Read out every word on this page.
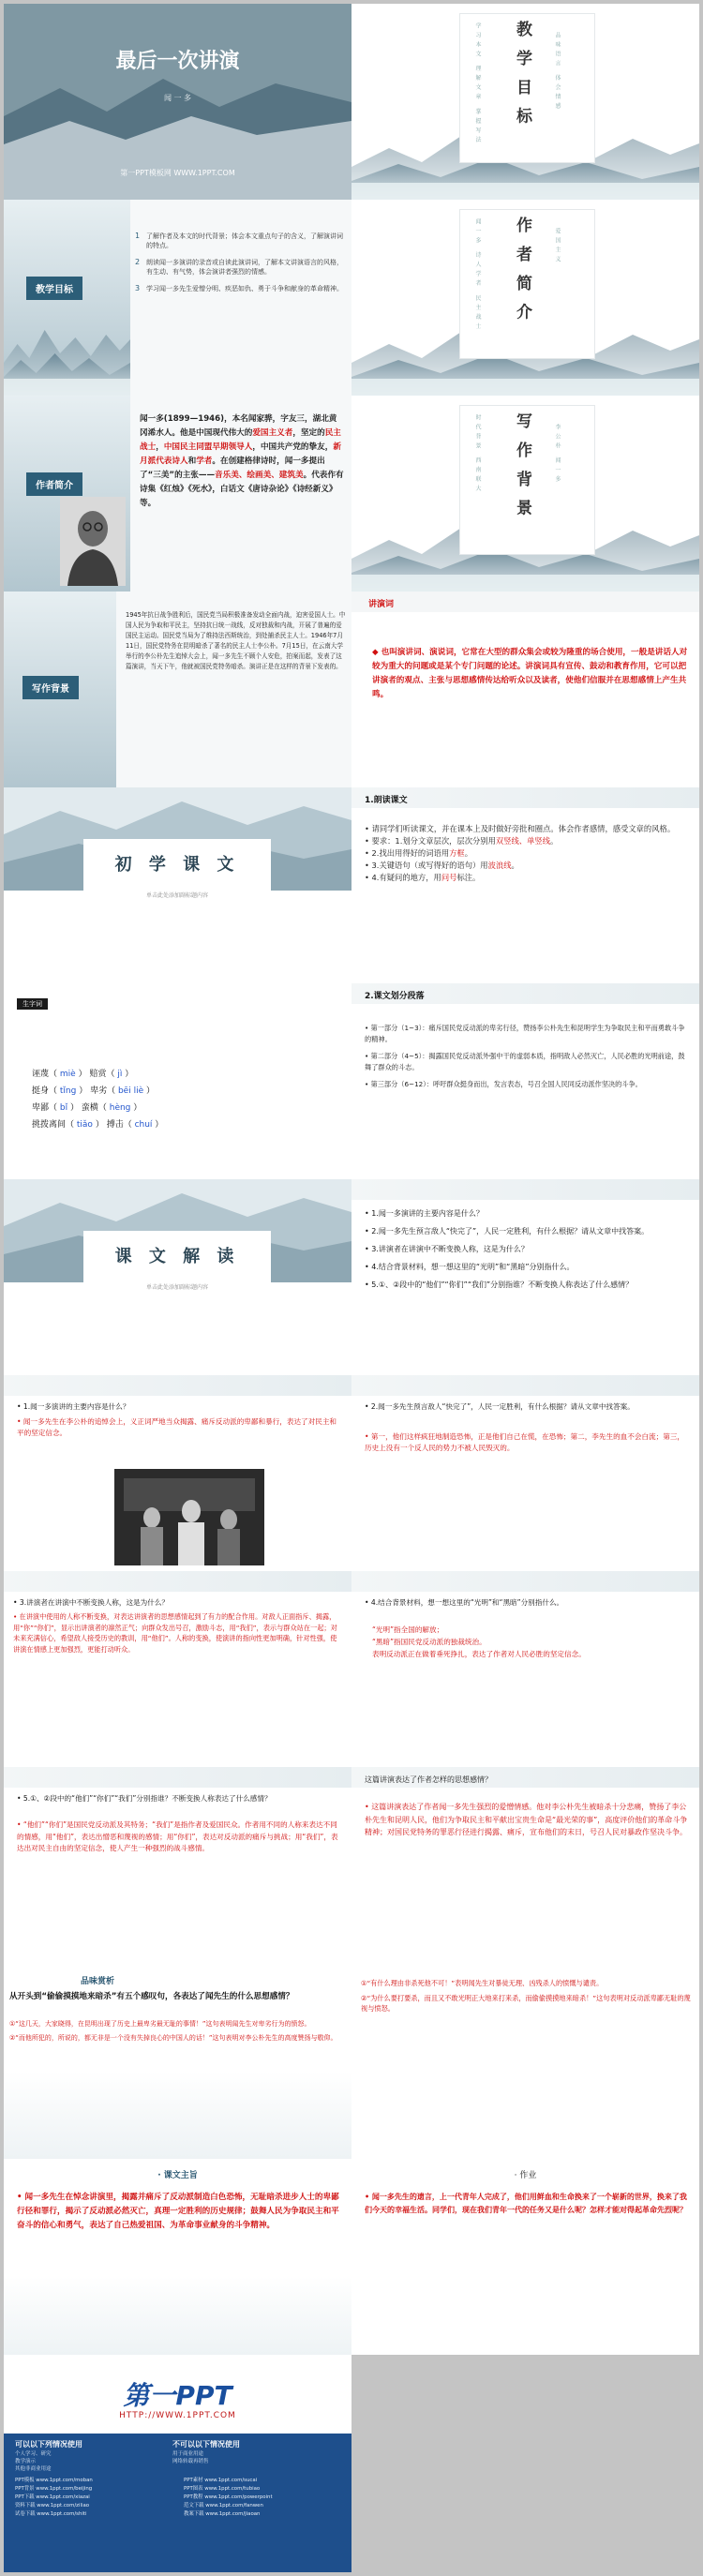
最后一次讲演
闻 一 多
第一PPT模板网 WWW.1PPT.COM
学习本文 理解文章 掌握写法
教 学 目 标	品味语言 体会情感
教学目标
1 了解作者及本文的时代背景；体会本文重点句子的含义，了解演讲词的特点。
2 朗读闻一多演讲的录音或自读此演讲词，了解本文讲演语言的风格，有生动、有气势，体会演讲者强烈的情感。
3 学习闻一多先生爱憎分明、疾恶如仇、勇于斗争和献身的革命精神。
闻一多 诗人学者 民主战士 作 者 简 介	爱国主义
作者简介
闻一多(1899—1946)，本名闻家骅，字友三，湖北黄冈浠水人。他是中国现代伟大的爱国主义者，坚定的民主战士，中国民主同盟早期领导人，中国共产党的挚友，新月派代表诗人和学者。在创建格律诗时，闻一多提出了“三美”的主张——音乐美、绘画美、建筑美。代表作有诗集《红烛》《死水》，白话文《唐诗杂论》《诗经新义》等。
时代背景 西南联大 写 作 背 景	李公朴 闻一多
写作背景
1945年抗日战争胜利后，国民党当局积极准备发动全面内战，迫害爱国人士。中国人民为争取和平民主，坚持抗日统一战线，反对独裁和内战，开展了普遍的爱国民主运动。国民党当局为了维持法西斯统治，到处捕杀民主人士。1946年7月11日，国民党特务在昆明暗杀了著名的民主人士李公朴。7月15日，在云南大学举行的李公朴先生追悼大会上，闻一多先生不顾个人安危，拍案而起，发表了这篇演讲，当天下午，他就被国民党特务暗杀。演讲正是在这样的背景下发表的。
讲演词
◆ 也叫演讲词、演说词，它常在大型的群众集会或较为隆重的场合使用，一般是讲话人对较为重大的问题或是某个专门问题的论述。讲演词具有宣传、鼓动和教育作用，它可以把讲演者的观点、主张与思想感情传达给听众以及读者，使他们信服并在思想感情上产生共鸣。
初 学 课 文
单击此处添加副标题内容
1.朗读课文
• 请同学们听读课文，并在课本上及时做好旁批和圈点。体会作者感情，感受文章的风格。
• 要求：1.划分文章层次，层次分别用双竖线、单竖线。
• 2.找出用得好的词语用方框。
• 3.关键语句（或写得好的语句）用波浪线。
• 4.有疑问的地方，用问号标注。
生字词
诬蔑（ miè ） 赔赏（ jì ）
挺身（ tǐng ） 卑劣（ bēi liè ）
卑鄙（ bǐ ） 蛮横（ hèng ）
挑拨离间（ tiǎo ） 搏击（ chuí ）
2.课文划分段落
• 第一部分（1~3）：痛斥国民党反动派的卑劣行径，赞扬李公朴先生和昆明学生为争取民主和平而勇敢斗争的精神。
• 第二部分（4~5）：揭露国民党反动派外强中干的虚弱本质，指明敌人必然灭亡，人民必胜的光明前途，鼓舞了群众的斗志。
• 第三部分（6~12）：呼吁群众挺身而出，发言表态，号召全国人民同反动派作坚决的斗争。
课 文 解 读
单击此处添加副标题内容
• 1.闻一多演讲的主要内容是什么？
• 2.闻一多先生预言敌人“快完了”，人民一定胜利，有什么根据？请从文章中找答案。
• 3.讲演者在讲演中不断变换人称，这是为什么？
• 4.结合背景材料，想一想这里的“光明”和“黑暗”分别指什么。
• 5.①、②段中的“他们”“你们”“我们”分别指谁？不断变换人称表达了什么感情？
• 1.闻一多演讲的主要内容是什么？
• 闻一多先生在李公朴的追悼会上，义正词严地当众揭露、痛斥反动派的卑鄙和暴行，表达了对民主和平的坚定信念。
• 2.闻一多先生预言敌人“快完了”，人民一定胜利，有什么根据？请从文章中找答案。
• 第一，他们这样疯狂地制造恐怖，正是他们自己在慌，在恐怖；第二，李先生的血不会白流；第三，历史上没有一个反人民的势力不被人民毁灭的。
• 3.讲演者在讲演中不断变换人称，这是为什么？
• 在讲演中使用的人称不断变换，对表达讲演者的思想感情起到了有力的配合作用。对敌人正面指斥、揭露，用“你”“你们”，显示出讲演者的凛然正气；向群众发出号召，激励斗志，用“我们”，表示与群众站在一起；对未来充满信心，希望敌人接受历史的教训，用“他们”。人称的变换，使演讲的指向性更加明确，针对性强，使讲演在情感上更加强烈，更能打动听众。
• 4.结合背景材料，想一想这里的“光明”和“黑暗”分别指什么。
“光明”指全国的解放；
“黑暗”指国民党反动派的独裁统治。
表明反动派正在做着垂死挣扎，表达了作者对人民必胜的坚定信念。
• 5.①、②段中的“他们”“你们”“我们”分别指谁？不断变换人称表达了什么感情？
• “他们”“你们”是国民党反动派及其特务；“我们”是指作者及爱国民众。作者用不同的人称来表达不同的情感，用“他们”，表达出憎恶和蔑视的感情；用“你们”，表达对反动派的痛斥与挑战；用“我们”，表达出对民主自由的坚定信念，使人产生一种强烈的战斗感情。
这篇讲演表达了作者怎样的思想感情？
• 这篇讲演表达了作者闻一多先生强烈的爱憎情感。他对李公朴先生被暗杀十分悲痛，赞扬了李公朴先生和昆明人民，他们为争取民主和平献出宝贵生命是“最光荣的事”，高度评价他们的革命斗争精神；对国民党特务的罪恶行径进行揭露、痛斥，宣布他们的末日，号召人民对暴政作坚决斗争。
品味赏析
从开头到“偷偷摸摸地来暗杀”有五个感叹句，各表达了闻先生的什么思想感情？
①“这几天，大家晓得，在昆明出现了历史上最卑劣最无耻的事情！”这句表明闻先生对卑劣行为的愤怒。
②“而他所犯的，所说的，都无非是一个没有失掉良心的中国人的话！”这句表明对李公朴先生的高度赞扬与敬仰。
①“有什么理由非杀死他不可！”表明闻先生对暴徒无理、凶残杀人的愤慨与谴责。
②“为什么要打要杀，而且又不敢光明正大地来打来杀，而偷偷摸摸地来暗杀！”这句表明对反动派卑鄙无耻的蔑视与愤怒。
· 课文主旨
• 闻一多先生在悼念讲演里，揭露并痛斥了反动派制造白色恐怖，无耻暗杀进步人士的卑鄙行径和罪行，揭示了反动派必然灭亡，真理一定胜利的历史规律；鼓舞人民为争取民主和平奋斗的信心和勇气，表达了自己热爱祖国、为革命事业献身的斗争精神。
· 作业
• 闻一多先生的遗言，上一代青年人完成了，他们用鲜血和生命换来了一个崭新的世界，换来了我们今天的幸福生活。同学们，现在我们青年一代的任务又是什么呢？怎样才能对得起革命先烈呢？
第一PPT
HTTP://WWW.1PPT.COM
可以以下列情况使用	不可以以下情况使用
个人学习、研究
教学演示
其他非商业用途
用于商业用途
网络转载再销售
PPT模板 www.1ppt.com/moban	PPT素材 www.1ppt.com/sucai
PPT背景 www.1ppt.com/beijing	PPT图表 www.1ppt.com/tubiao
PPT下载 www.1ppt.com/xiazai	PPT教程 www.1ppt.com/powerpoint
资料下载 www.1ppt.com/ziliao	范文下载 www.1ppt.com/fanwen
试卷下载 www.1ppt.com/shiti	教案下载 www.1ppt.com/jiaoan
